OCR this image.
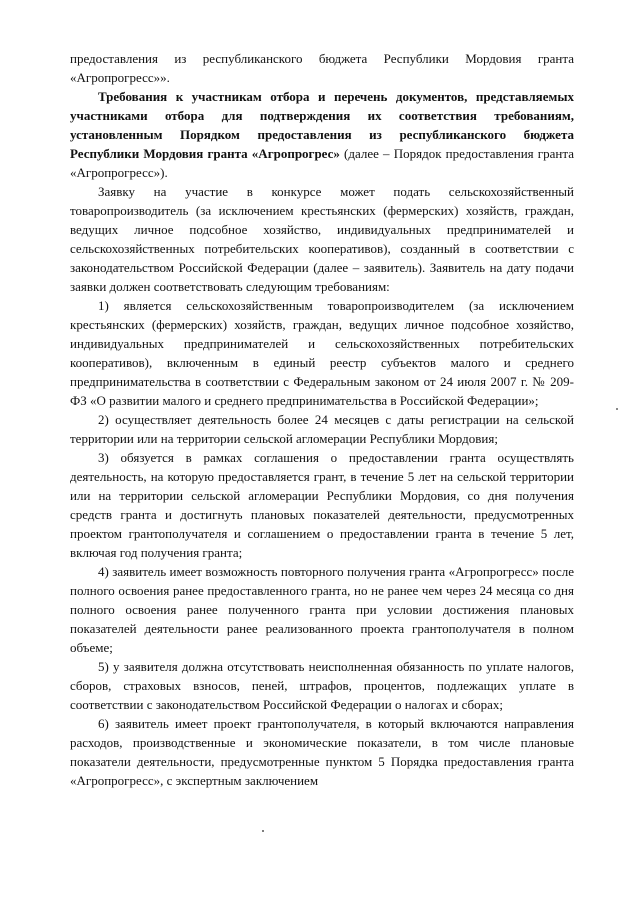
предоставления из республиканского бюджета Республики Мордовия гранта «Агропрогресс»».

Требования к участникам отбора и перечень документов, представляемых участниками отбора для подтверждения их соответствия требованиям, установленным Порядком предоставления из республиканского бюджета Республики Мордовия гранта «Агропрогрес» (далее – Порядок предоставления гранта «Агропрогресс»).

Заявку на участие в конкурсе может подать сельскохозяйственный товаропроизводитель (за исключением крестьянских (фермерских) хозяйств, граждан, ведущих личное подсобное хозяйство, индивидуальных предпринимателей и сельскохозяйственных потребительских кооперативов), созданный в соответствии с законодательством Российской Федерации (далее – заявитель). Заявитель на дату подачи заявки должен соответствовать следующим требованиям:

1) является сельскохозяйственным товаропроизводителем (за исключением крестьянских (фермерских) хозяйств, граждан, ведущих личное подсобное хозяйство, индивидуальных предпринимателей и сельскохозяйственных потребительских кооперативов), включенным в единый реестр субъектов малого и среднего предпринимательства в соответствии с Федеральным законом от 24 июля 2007 г. № 209-ФЗ «О развитии малого и среднего предпринимательства в Российской Федерации»;

2) осуществляет деятельность более 24 месяцев с даты регистрации на сельской территории или на территории сельской агломерации Республики Мордовия;

3) обязуется в рамках соглашения о предоставлении гранта осуществлять деятельность, на которую предоставляется грант, в течение 5 лет на сельской территории или на территории сельской агломерации Республики Мордовия, со дня получения средств гранта и достигнуть плановых показателей деятельности, предусмотренных проектом грантополучателя и соглашением о предоставлении гранта в течение 5 лет, включая год получения гранта;

4) заявитель имеет возможность повторного получения гранта «Агропрогресс» после полного освоения ранее предоставленного гранта, но не ранее чем через 24 месяца со дня полного освоения ранее полученного гранта при условии достижения плановых показателей деятельности ранее реализованного проекта грантополучателя в полном объеме;

5) у заявителя должна отсутствовать неисполненная обязанность по уплате налогов, сборов, страховых взносов, пеней, штрафов, процентов, подлежащих уплате в соответствии с законодательством Российской Федерации о налогах и сборах;

6) заявитель имеет проект грантополучателя, в который включаются направления расходов, производственные и экономические показатели, в том числе плановые показатели деятельности, предусмотренные пунктом 5 Порядка предоставления гранта «Агропрогресс», с экспертным заключением
